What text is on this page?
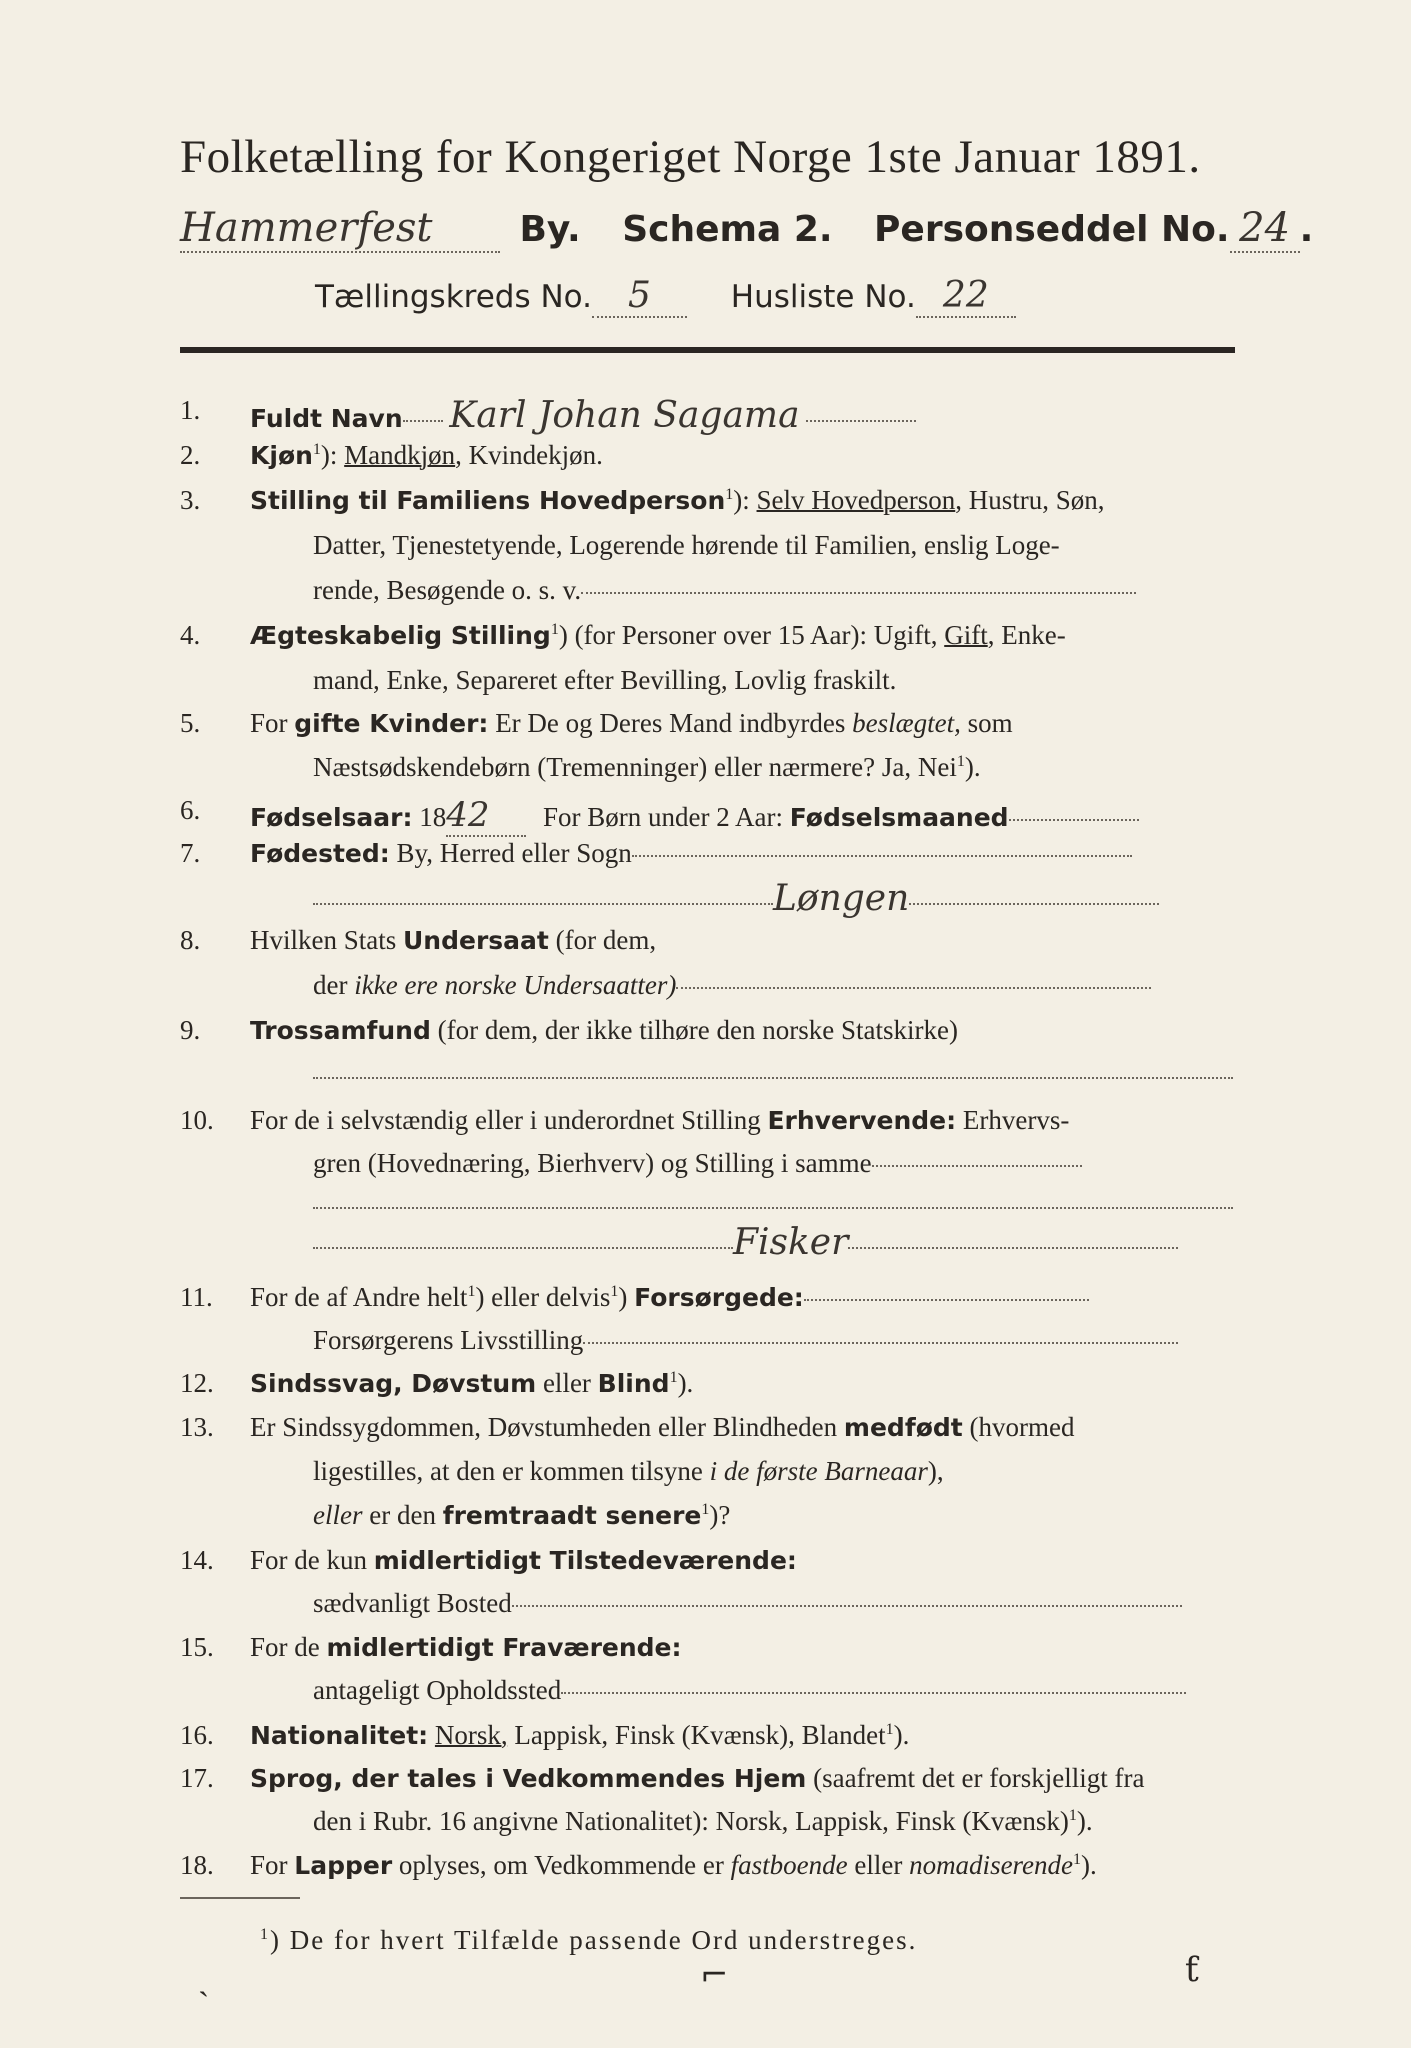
Folketælling for Kongeriget Norge 1ste Januar 1891.
Hammerfest By. Schema 2. Personseddel No. 24 .
Tællingskreds No. 5	Husliste No. 22
1.	Fuldt Navn Karl Johan Sagama
2.	Kjøn$^1$): Mandkjøn, Kvindekjøn.
3.	Stilling til Familiens Hovedperson$^1$): Selv Hovedperson, Hustru, Søn,
Datter, Tjenestetyende, Logerende hørende til Familien, enslig Loge-
rende, Besøgende o. s. v.
4.	Ægteskabelig Stilling$^1$) (for Personer over 15 Aar): Ugift, Gift, Enke-
mand, Enke, Separeret efter Bevilling, Lovlig fraskilt.
5.	For gifte Kvinder: Er De og Deres Mand indbyrdes beslægtet, som
Næstsødskendebørn (Tremenninger) eller nærmere? Ja, Nei$^1$).
6.	Fødselsaar: 1842 For Børn under 2 Aar: Fødselsmaaned
7.	Fødested: By, Herred eller Sogn
Løngen
8.	Hvilken Stats Undersaat (for dem,
der ikke ere norske Undersaatter)
9.	Trossamfund (for dem, der ikke tilhøre den norske Statskirke)
10.	For de i selvstændig eller i underordnet Stilling Erhvervende: Erhvervs-
gren (Hovednæring, Bierhverv) og Stilling i samme
Fisker
11.	For de af Andre helt$^1$) eller delvis$^1$) Forsørgede:
Forsørgerens Livsstilling
12.	Sindssvag, Døvstum eller Blind$^1$).
13.	Er Sindssygdommen, Døvstumheden eller Blindheden medfødt (hvormed
ligestilles, at den er kommen tilsyne i de første Barneaar),
eller er den fremtraadt senere$^1$)?
14.	For de kun midlertidigt Tilstedeværende:
sædvanligt Bosted
15.	For de midlertidigt Fraværende:
antageligt Opholdssted
16.	Nationalitet: Norsk, Lappisk, Finsk (Kvænsk), Blandet$^1$).
17.	Sprog, der tales i Vedkommendes Hjem (saafremt det er forskjelligt fra
den i Rubr. 16 angivne Nationalitet): Norsk, Lappisk, Finsk (Kvænsk)$^1$).
18.	For Lapper oplyses, om Vedkommende er fastboende eller nomadiserende$^1$).
$^1$) De for hvert Tilfælde passende Ord understreges.
ˎ	⌐	ƭ
